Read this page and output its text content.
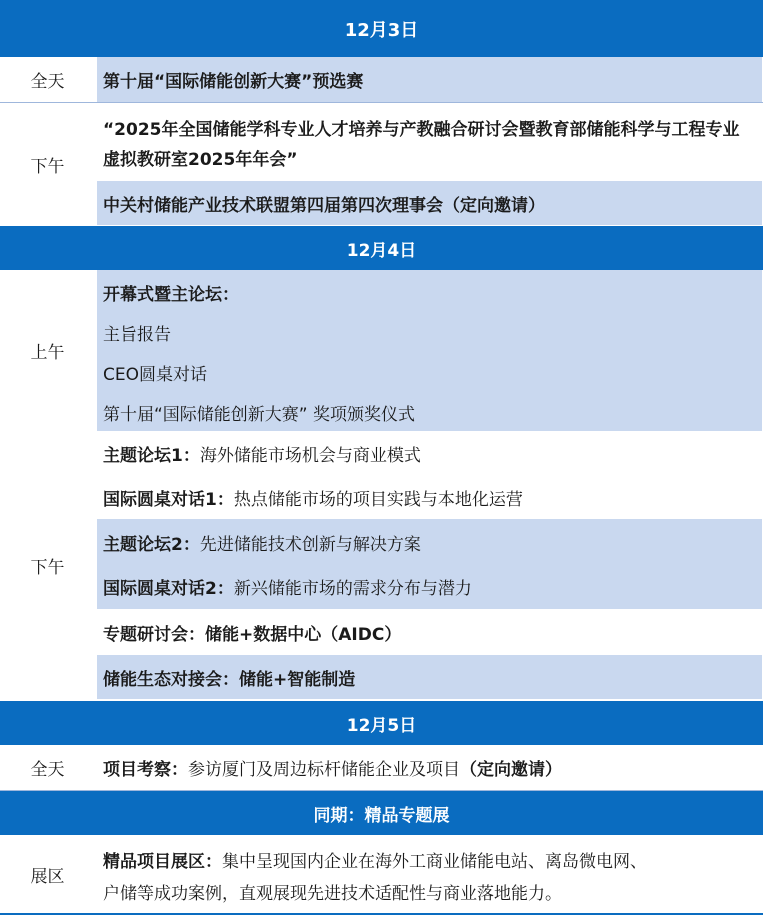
12月3日
全天 第十届“国际储能创新大赛”预选赛
下午
“2025年全国储能学科专业人才培养与产教融合研讨会暨教育部储能科学与工程专业虚拟教研室2025年年会”
中关村储能产业技术联盟第四届第四次理事会（定向邀请）
12月4日
上午
开幕式暨主论坛：
主旨报告
CEO圆桌对话
第十届“国际储能创新大赛” 奖项颁奖仪式
下午
主题论坛1：海外储能市场机会与商业模式
国际圆桌对话1：热点储能市场的项目实践与本地化运营
主题论坛2：先进储能技术创新与解决方案
国际圆桌对话2：新兴储能市场的需求分布与潜力
专题研讨会：储能+数据中心（AIDC）
储能生态对接会：储能+智能制造
12月5日
全天 项目考察： 参访厦门及周边标杆储能企业及项目 （定向邀请）
同期：精品专题展
展区
精品项目展区：集中呈现国内企业在海外工商业储能电站、离岛微电网、
户储等成功案例，直观展现先进技术适配性与商业落地能力。
